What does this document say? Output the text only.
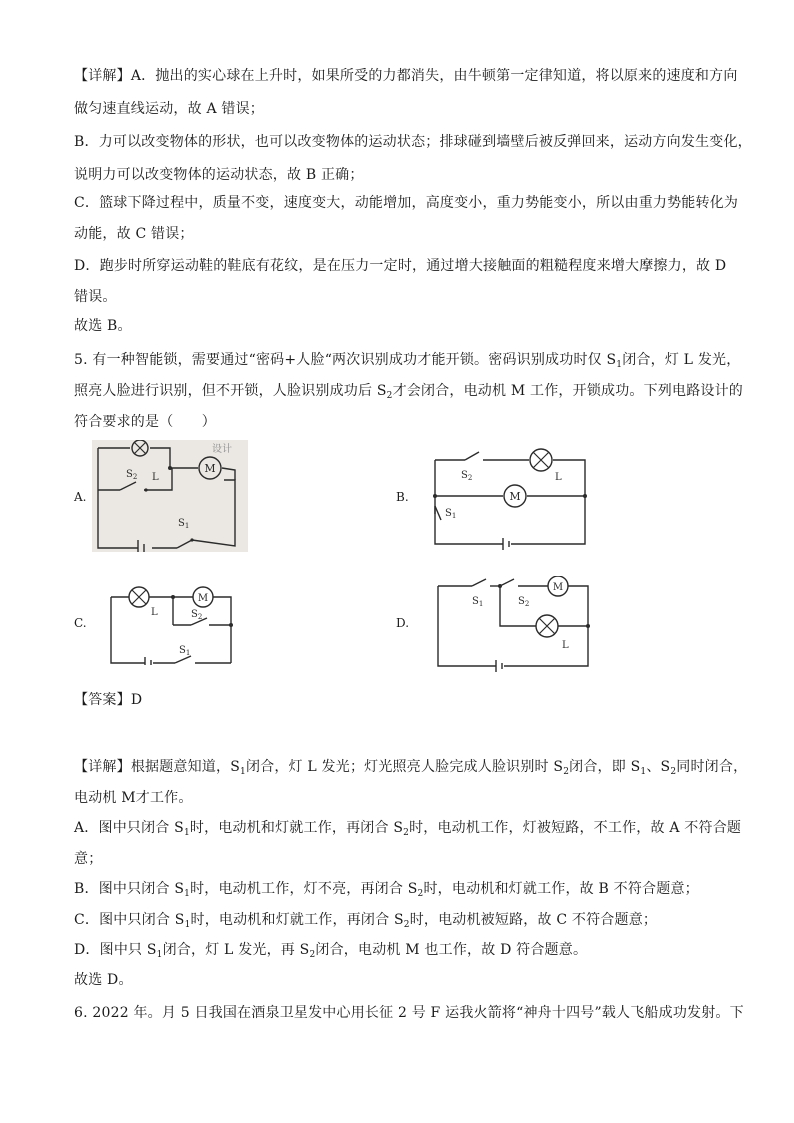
【详解】A．抛出的实心球在上升时，如果所受的力都消失，由牛顿第一定律知道，将以原来的速度和方向
做匀速直线运动，故 A 错误；
B．力可以改变物体的形状，也可以改变物体的运动状态；排球碰到墙壁后被反弹回来，运动方向发生变化，
说明力可以改变物体的运动状态，故 B 正确；
C．篮球下降过程中，质量不变，速度变大，动能增加，高度变小，重力势能变小，所以由重力势能转化为
动能，故 C 错误；
D．跑步时所穿运动鞋的鞋底有花纹，是在压力一定时，通过增大接触面的粗糙程度来增大摩擦力，故 D
错误。
故选 B。
5. 有一种智能锁，需要通过“密码+人脸“两次识别成功才能开锁。密码识别成功时仅 $S_1$闭合，灯 L 发光，
照亮人脸进行识别，但不开锁，人脸识别成功后 $S_2$才会闭合，电动机 M 工作，开锁成功。下列电路设计的
符合要求的是（　　）
A.	B.
C.	D.
M
$S_2$ L
$S_1$
设计
M
$S_2$	L
$S_1$
M
L	$S_2$
$S_1$
M
$S_1$	$S_2$
L
【答案】D
【详解】根据题意知道，$S_1$闭合，灯 L 发光；灯光照亮人脸完成人脸识别时 $S_2$闭合，即 $S_1$、$S_2$同时闭合，
电动机 M才工作。
A．图中只闭合 $S_1$时，电动机和灯就工作，再闭合 $S_2$时，电动机工作，灯被短路，不工作，故 A 不符合题
意；
B．图中只闭合 $S_1$时，电动机工作，灯不亮，再闭合 $S_2$时，电动机和灯就工作，故 B 不符合题意；
C．图中只闭合 $S_1$时，电动机和灯就工作，再闭合 $S_2$时，电动机被短路，故 C 不符合题意；
D．图中只 $S_1$闭合，灯 L 发光，再 $S_2$闭合，电动机 M 也工作，故 D 符合题意。
故选 D。
6. 2022 年。月 5 日我国在酒泉卫星发中心用长征 2 号 F 运我火箭将“神舟十四号”载人飞船成功发射。下
